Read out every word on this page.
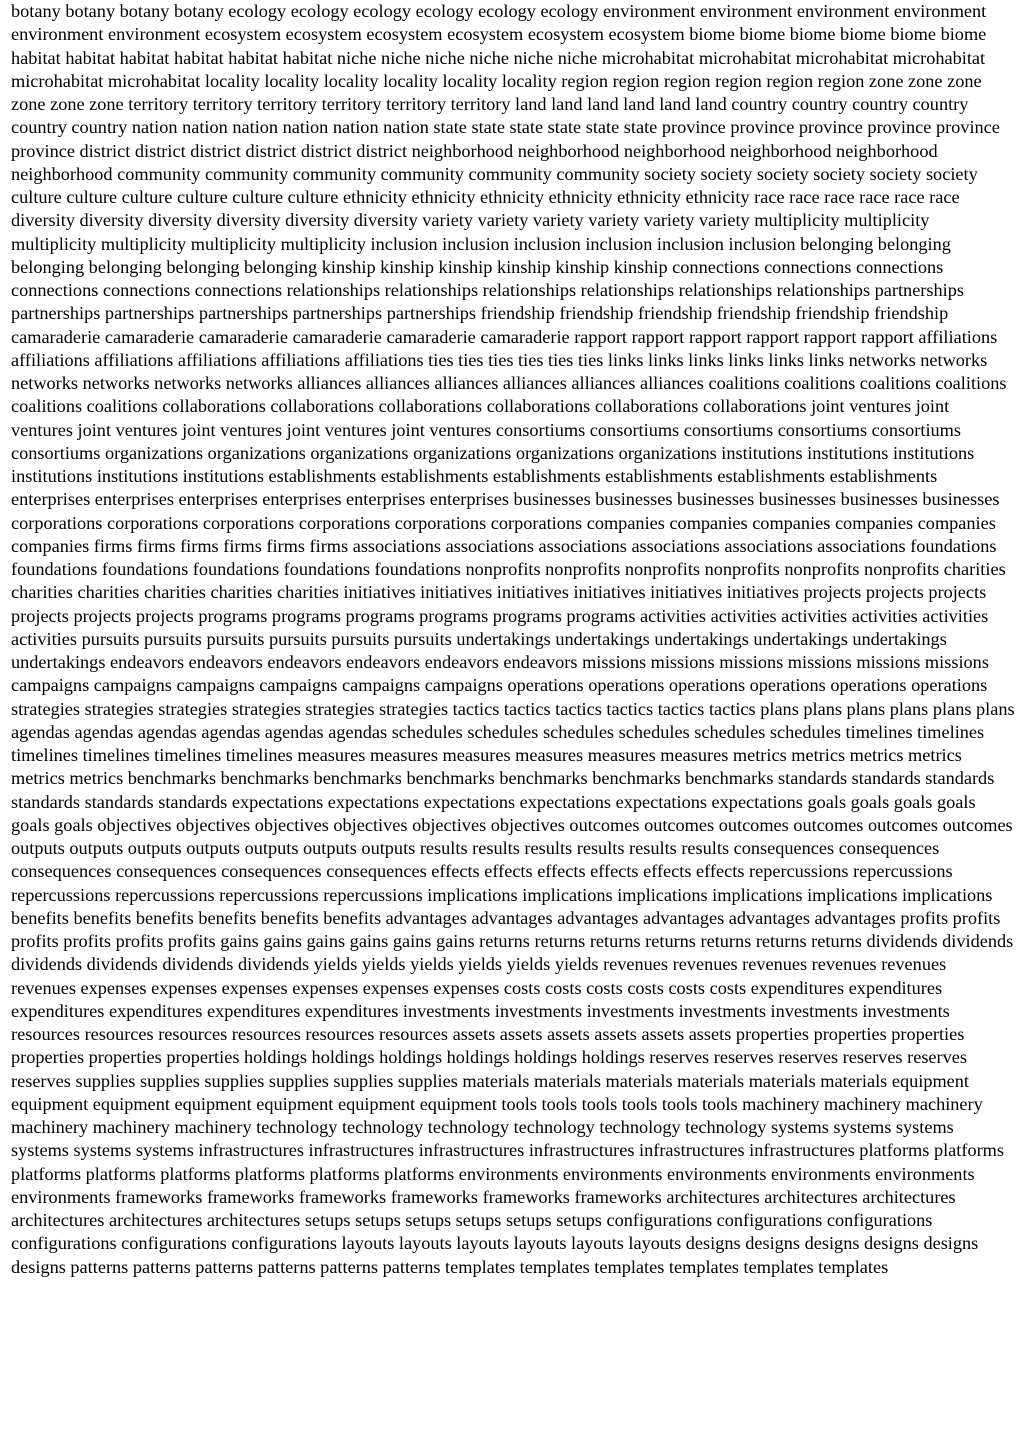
botany botany botany botany ecology ecology ecology ecology ecology ecology environment environment environment environment environment environment ecosystem ecosystem ecosystem ecosystem ecosystem ecosystem biome biome biome biome biome biome habitat habitat habitat habitat habitat habitat niche niche niche niche niche niche microhabitat microhabitat microhabitat microhabitat microhabitat microhabitat locality locality locality locality locality locality region region region region region region zone zone zone zone zone zone territory territory territory territory territory territory land land land land land land country country country country country country nation nation nation nation nation nation state state state state state state province province province province province province district district district district district district neighborhood neighborhood neighborhood neighborhood neighborhood neighborhood community community community community community community society society society society society society culture culture culture culture culture culture ethnicity ethnicity ethnicity ethnicity ethnicity ethnicity race race race race race race diversity diversity diversity diversity diversity diversity variety variety variety variety variety variety multiplicity multiplicity multiplicity multiplicity multiplicity multiplicity inclusion inclusion inclusion inclusion inclusion inclusion belonging belonging belonging belonging belonging belonging kinship kinship kinship kinship kinship kinship connections connections connections connections connections connections relationships relationships relationships relationships relationships relationships partnerships partnerships partnerships partnerships partnerships partnerships friendship friendship friendship friendship friendship friendship camaraderie camaraderie camaraderie camaraderie camaraderie camaraderie rapport rapport rapport rapport rapport rapport affiliations affiliations affiliations affiliations affiliations affiliations ties ties ties ties ties ties links links links links links links networks networks networks networks networks networks alliances alliances alliances alliances alliances alliances coalitions coalitions coalitions coalitions coalitions coalitions collaborations collaborations collaborations collaborations collaborations collaborations joint ventures joint ventures joint ventures joint ventures joint ventures joint ventures consortiums consortiums consortiums consortiums consortiums consortiums organizations organizations organizations organizations organizations organizations institutions institutions institutions institutions institutions institutions establishments establishments establishments establishments establishments establishments enterprises enterprises enterprises enterprises enterprises enterprises businesses businesses businesses businesses businesses businesses corporations corporations corporations corporations corporations corporations companies companies companies companies companies companies firms firms firms firms firms firms associations associations associations associations associations associations foundations foundations foundations foundations foundations foundations nonprofits nonprofits nonprofits nonprofits nonprofits nonprofits charities charities charities charities charities charities initiatives initiatives initiatives initiatives initiatives initiatives projects projects projects projects projects projects programs programs programs programs programs programs activities activities activities activities activities activities pursuits pursuits pursuits pursuits pursuits pursuits undertakings undertakings undertakings undertakings undertakings undertakings endeavors endeavors endeavors endeavors endeavors endeavors missions missions missions missions missions missions campaigns campaigns campaigns campaigns campaigns campaigns operations operations operations operations operations operations strategies strategies strategies strategies strategies strategies tactics tactics tactics tactics tactics tactics plans plans plans plans plans plans agendas agendas agendas agendas agendas agendas schedules schedules schedules schedules schedules schedules timelines timelines timelines timelines timelines timelines measures measures measures measures measures measures metrics metrics metrics metrics metrics metrics benchmarks benchmarks benchmarks benchmarks benchmarks benchmarks benchmarks standards standards standards standards standards standards expectations expectations expectations expectations expectations expectations goals goals goals goals goals goals objectives objectives objectives objectives objectives objectives outcomes outcomes outcomes outcomes outcomes outcomes outputs outputs outputs outputs outputs outputs outputs results results results results results results consequences consequences consequences consequences consequences consequences effects effects effects effects effects effects repercussions repercussions repercussions repercussions repercussions repercussions implications implications implications implications implications implications benefits benefits benefits benefits benefits benefits advantages advantages advantages advantages advantages advantages profits profits profits profits profits profits gains gains gains gains gains gains returns returns returns returns returns returns returns dividends dividends dividends dividends dividends dividends yields yields yields yields yields yields revenues revenues revenues revenues revenues revenues expenses expenses expenses expenses expenses expenses costs costs costs costs costs costs expenditures expenditures expenditures expenditures expenditures expenditures investments investments investments investments investments investments resources resources resources resources resources resources assets assets assets assets assets assets properties properties properties properties properties properties holdings holdings holdings holdings holdings holdings reserves reserves reserves reserves reserves reserves supplies supplies supplies supplies supplies supplies materials materials materials materials materials materials equipment equipment equipment equipment equipment equipment equipment tools tools tools tools tools tools machinery machinery machinery machinery machinery machinery technology technology technology technology technology technology systems systems systems systems systems systems infrastructures infrastructures infrastructures infrastructures infrastructures infrastructures platforms platforms platforms platforms platforms platforms platforms platforms environments environments environments environments environments environments frameworks frameworks frameworks frameworks frameworks frameworks architectures architectures architectures architectures architectures architectures setups setups setups setups setups setups configurations configurations configurations configurations configurations configurations layouts layouts layouts layouts layouts layouts designs designs designs designs designs designs patterns patterns patterns patterns patterns patterns templates templates templates templates templates templates
